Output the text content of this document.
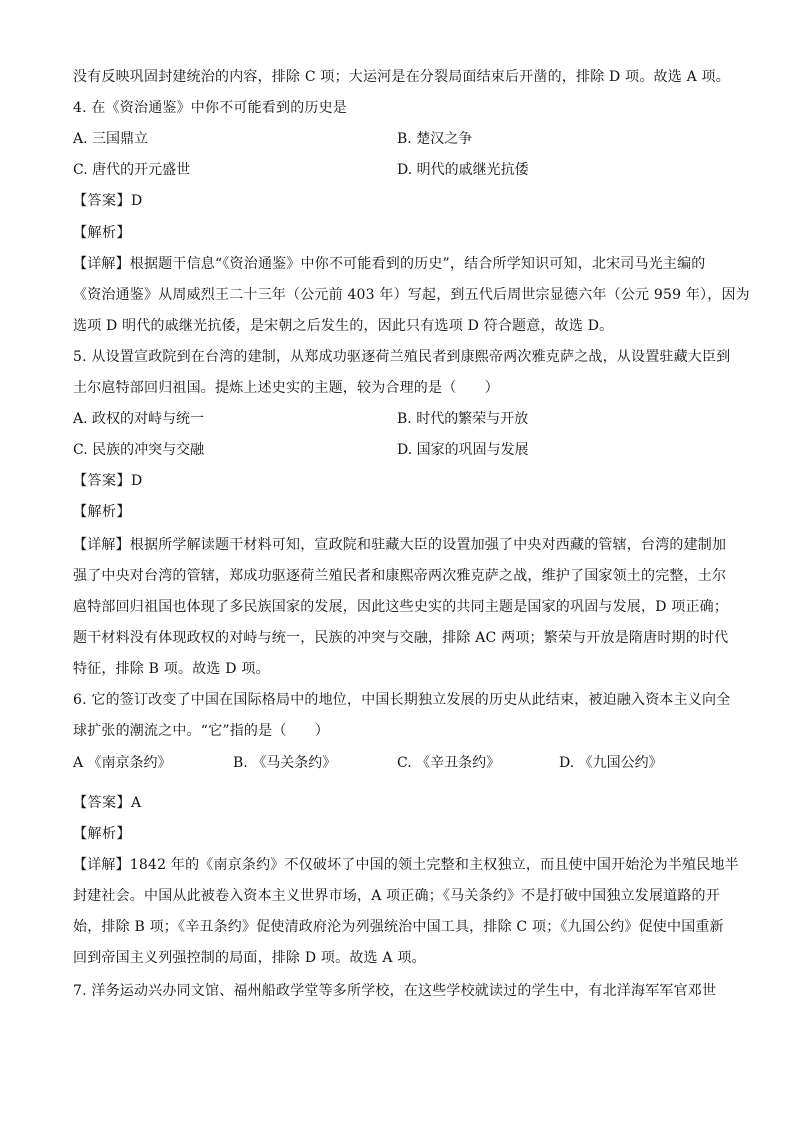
没有反映巩固封建统治的内容，排除 C 项；大运河是在分裂局面结束后开凿的，排除 D 项。故选 A 项。
4. 在《资治通鉴》中你不可能看到的历史是
A. 三国鼎立	B. 楚汉之争
C. 唐代的开元盛世	D. 明代的戚继光抗倭
【答案】D
【解析】
【详解】根据题干信息“《资治通鉴》中你不可能看到的历史”，结合所学知识可知，北宋司马光主编的
《资治通鉴》从周威烈王二十三年（公元前 403 年）写起，到五代后周世宗显德六年（公元 959 年），因为
选项 D 明代的戚继光抗倭，是宋朝之后发生的，因此只有选项 D 符合题意，故选 D。
5. 从设置宣政院到在台湾的建制，从郑成功驱逐荷兰殖民者到康熙帝两次雅克萨之战，从设置驻藏大臣到
土尔扈特部回归祖国。提炼上述史实的主题，较为合理的是（　　）
A. 政权的对峙与统一	B. 时代的繁荣与开放
C. 民族的冲突与交融	D. 国家的巩固与发展
【答案】D
【解析】
【详解】根据所学解读题干材料可知，宣政院和驻藏大臣的设置加强了中央对西藏的管辖，台湾的建制加
强了中央对台湾的管辖，郑成功驱逐荷兰殖民者和康熙帝两次雅克萨之战，维护了国家领土的完整，土尔
扈特部回归祖国也体现了多民族国家的发展，因此这些史实的共同主题是国家的巩固与发展，D 项正确；
题干材料没有体现政权的对峙与统一，民族的冲突与交融，排除 AC 两项；繁荣与开放是隋唐时期的时代
特征，排除 B 项。故选 D 项。
6. 它的签订改变了中国在国际格局中的地位，中国长期独立发展的历史从此结束，被迫融入资本主义向全
球扩张的潮流之中。“它”指的是（　　）
A 《南京条约》	B. 《马关条约》	C. 《辛丑条约》	D. 《九国公约》
【答案】A
【解析】
【详解】1842 年的《南京条约》不仅破坏了中国的领土完整和主权独立，而且使中国开始沦为半殖民地半
封建社会。中国从此被卷入资本主义世界市场，A 项正确；《马关条约》不是打破中国独立发展道路的开
始，排除 B 项；《辛丑条约》促使清政府沦为列强统治中国工具，排除 C 项；《九国公约》促使中国重新
回到帝国主义列强控制的局面，排除 D 项。故选 A 项。
7. 洋务运动兴办同文馆、福州船政学堂等多所学校，在这些学校就读过的学生中，有北洋海军军官邓世
